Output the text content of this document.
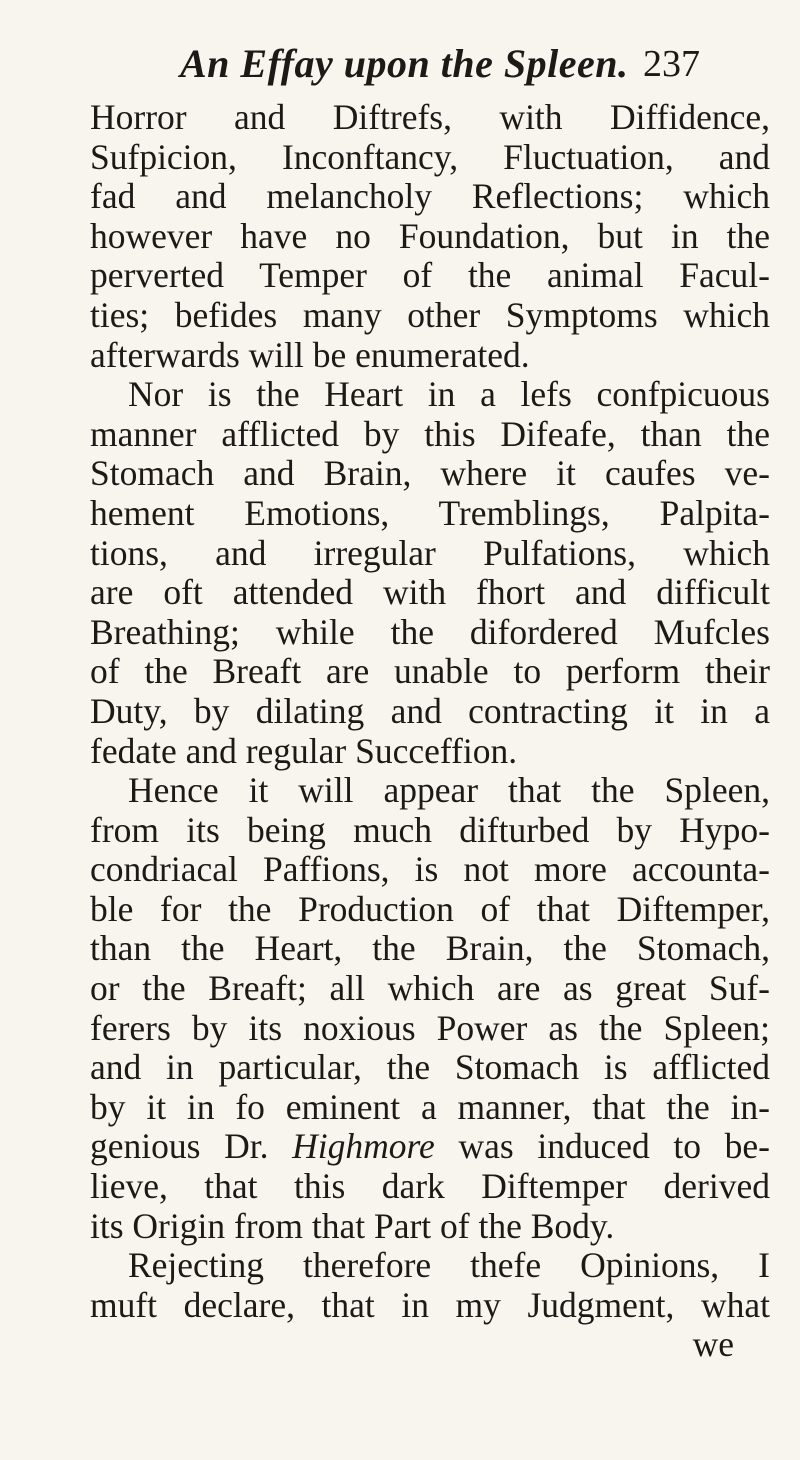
An Effay upon the Spleen. 237
Horror and Diftrefs, with Diffidence,
Sufpicion, Inconftancy, Fluctuation, and
fad and melancholy Reflections; which
however have no Foundation, but in the
perverted Temper of the animal Facul-
ties; befides many other Symptoms which
afterwards will be enumerated.
Nor is the Heart in a lefs confpicuous
manner afflicted by this Difeafe, than the
Stomach and Brain, where it caufes ve-
hement Emotions, Tremblings, Palpita-
tions, and irregular Pulfations, which
are oft attended with fhort and difficult
Breathing; while the difordered Mufcles
of the Breaft are unable to perform their
Duty, by dilating and contracting it in a
fedate and regular Succeffion.
Hence it will appear that the Spleen,
from its being much difturbed by Hypo-
condriacal Paffions, is not more accounta-
ble for the Production of that Diftemper,
than the Heart, the Brain, the Stomach,
or the Breaft; all which are as great Suf-
ferers by its noxious Power as the Spleen;
and in particular, the Stomach is afflicted
by it in fo eminent a manner, that the in-
genious Dr. Highmore was induced to be-
lieve, that this dark Diftemper derived
its Origin from that Part of the Body.
Rejecting therefore thefe Opinions, I
muft declare, that in my Judgment, what
we
